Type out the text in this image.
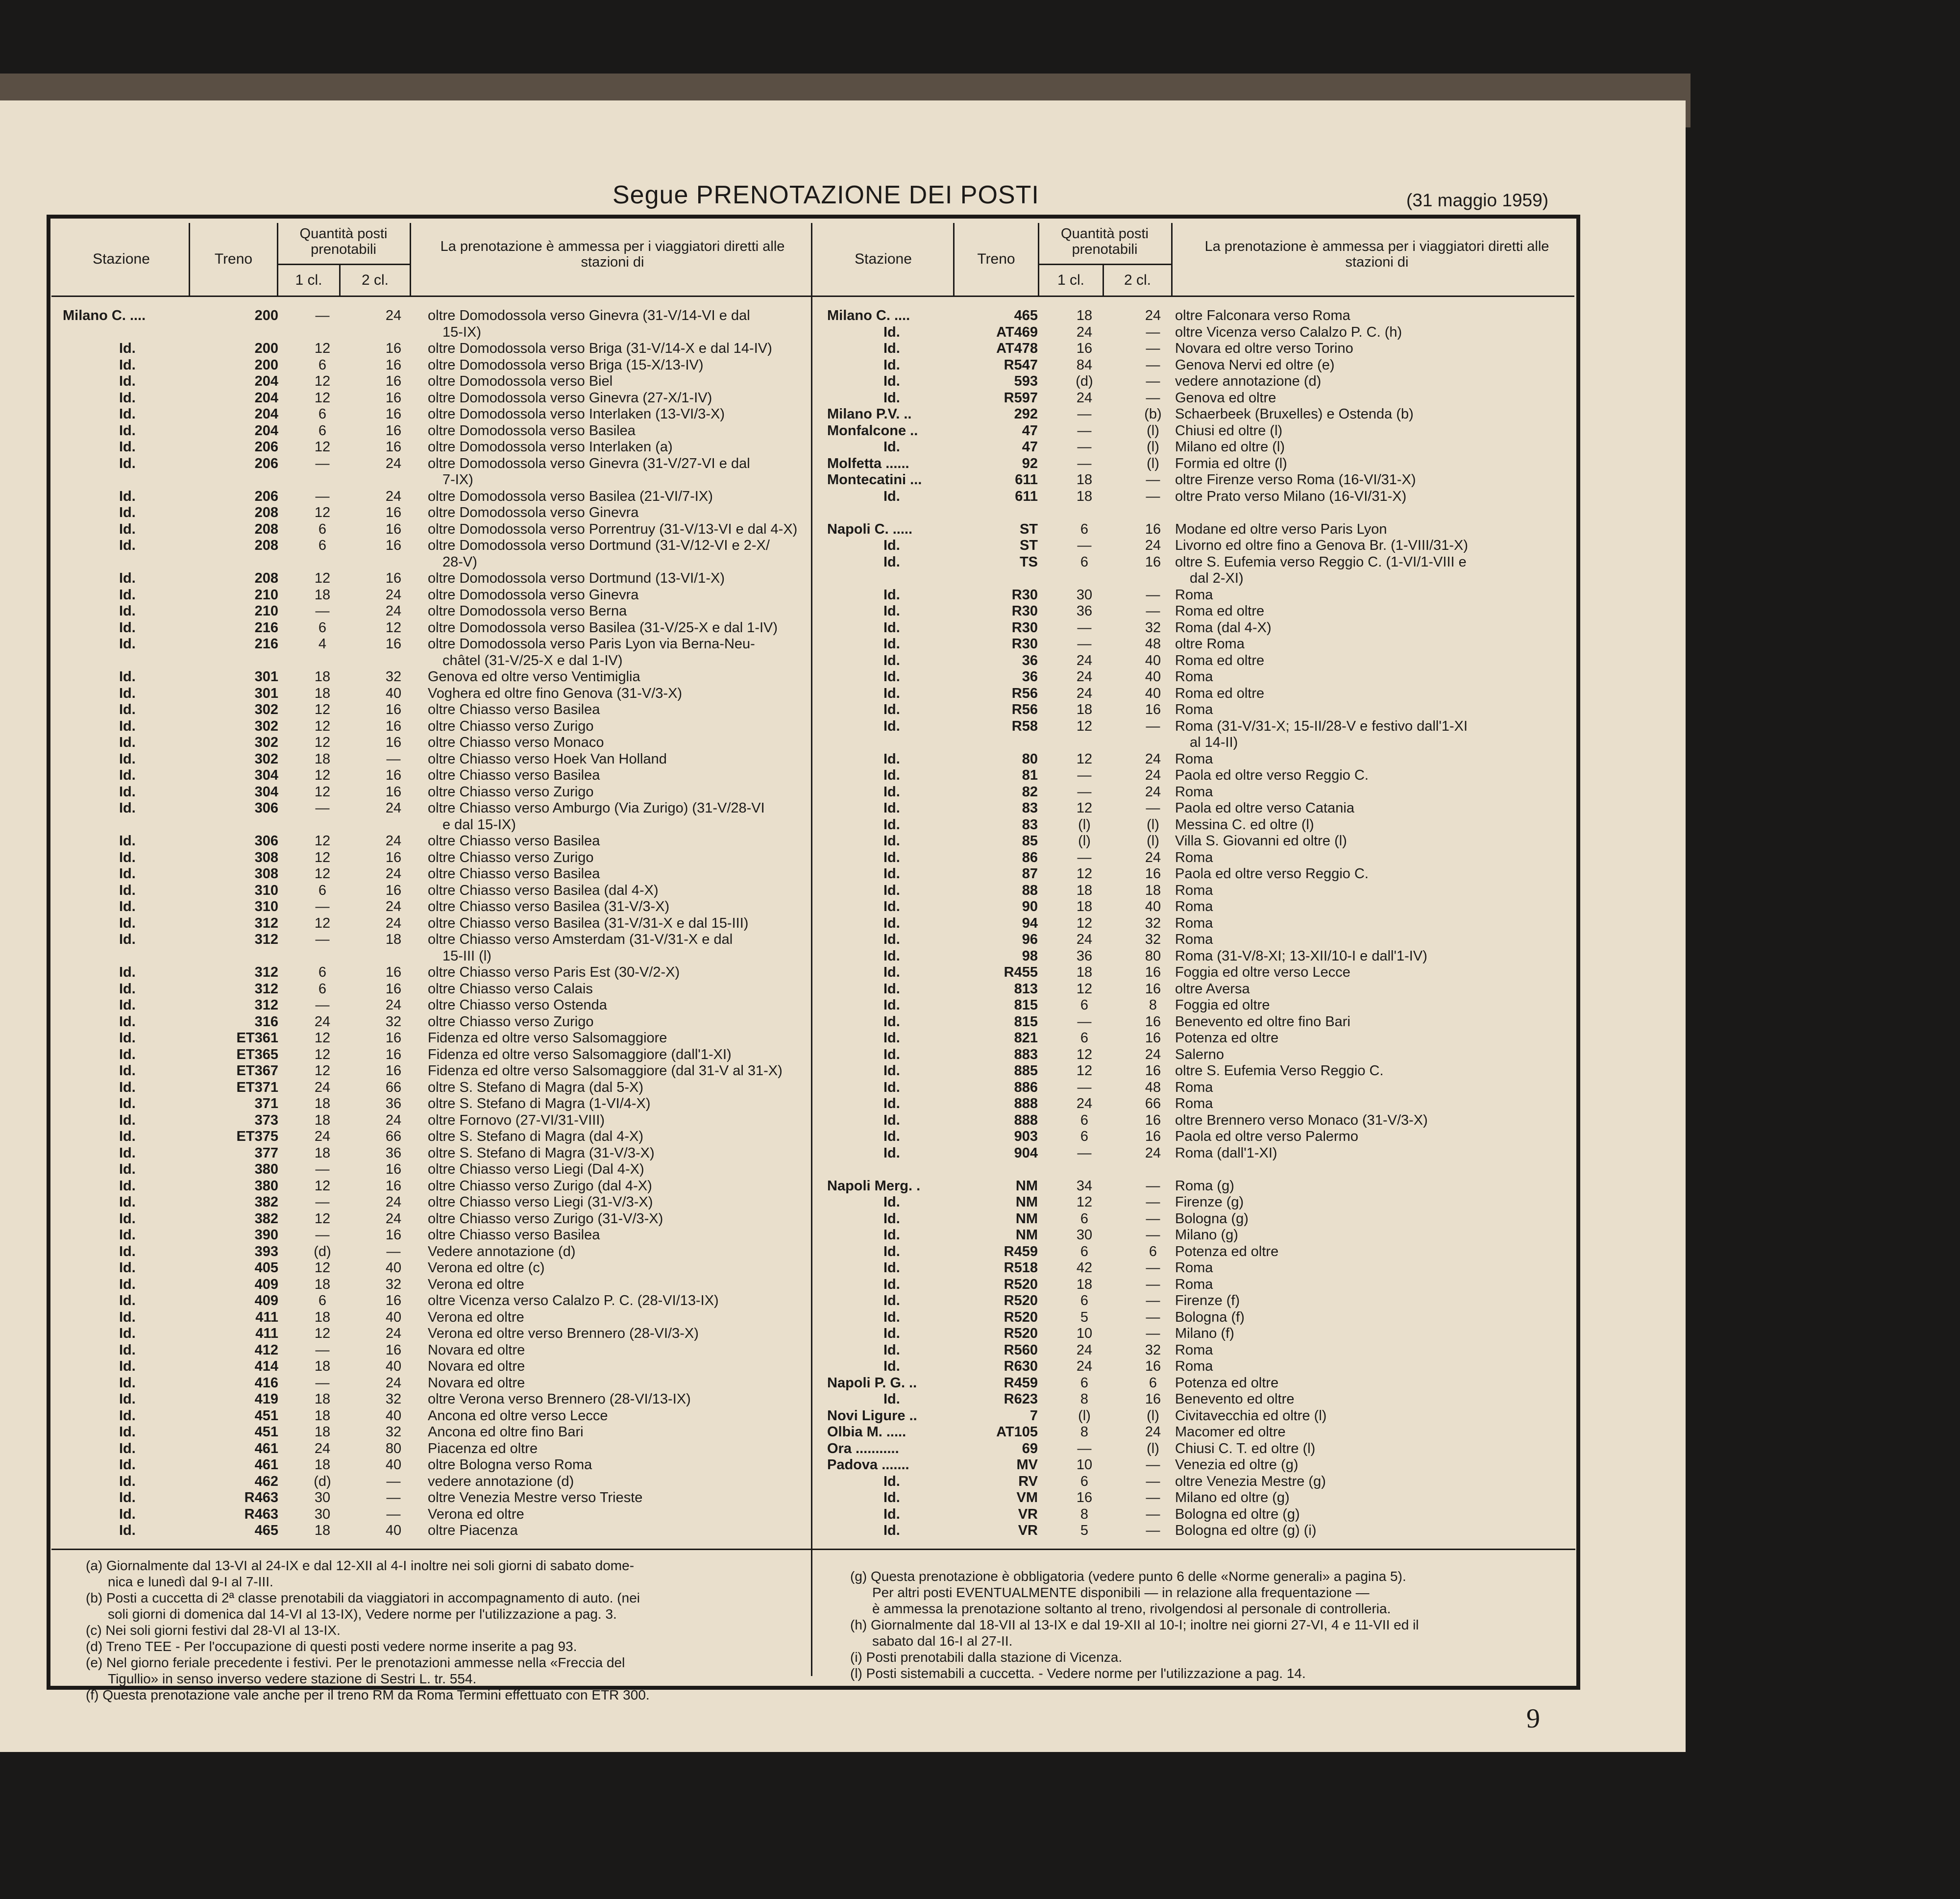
Segue PRENOTAZIONE DEI POSTI	(31 maggio 1959)
Stazione	Treno
Quantità posti prenotabili
1 cl.	2 cl.
La prenotazione è ammessa per i viaggiatori diretti alle stazioni di	Stazione	Treno
Quantità posti prenotabili
1 cl.	2 cl.
La prenotazione è ammessa per i viaggiatori diretti alle stazioni di
Milano C. ....	200	—	24	oltre Domodossola verso Ginevra (31-V/14-VI e dal
15-IX)
Id.	200	12	16	oltre Domodossola verso Briga (31-V/14-X e dal 14-IV)
Id.	200	6	16	oltre Domodossola verso Briga (15-X/13-IV)
Id.	204	12	16	oltre Domodossola verso Biel
Id.	204	12	16	oltre Domodossola verso Ginevra (27-X/1-IV)
Id.	204	6	16	oltre Domodossola verso Interlaken (13-VI/3-X)
Id.	204	6	16	oltre Domodossola verso Basilea
Id.	206	12	16	oltre Domodossola verso Interlaken (a)
Id.	206	—	24	oltre Domodossola verso Ginevra (31-V/27-VI e dal
7-IX)
Id.	206	—	24	oltre Domodossola verso Basilea (21-VI/7-IX)
Id.	208	12	16	oltre Domodossola verso Ginevra
Id.	208	6	16	oltre Domodossola verso Porrentruy (31-V/13-VI e dal 4-X)
Id.	208	6	16	oltre Domodossola verso Dortmund (31-V/12-VI e 2-X/
28-V)
Id.	208	12	16	oltre Domodossola verso Dortmund (13-VI/1-X)
Id.	210	18	24	oltre Domodossola verso Ginevra
Id.	210	—	24	oltre Domodossola verso Berna
Id.	216	6	12	oltre Domodossola verso Basilea (31-V/25-X e dal 1-IV)
Id.	216	4	16	oltre Domodossola verso Paris Lyon via Berna-Neu-
châtel (31-V/25-X e dal 1-IV)
Id.	301	18	32	Genova ed oltre verso Ventimiglia
Id.	301	18	40	Voghera ed oltre fino Genova (31-V/3-X)
Id.	302	12	16	oltre Chiasso verso Basilea
Id.	302	12	16	oltre Chiasso verso Zurigo
Id.	302	12	16	oltre Chiasso verso Monaco
Id.	302	18	—	oltre Chiasso verso Hoek Van Holland
Id.	304	12	16	oltre Chiasso verso Basilea
Id.	304	12	16	oltre Chiasso verso Zurigo
Id.	306	—	24	oltre Chiasso verso Amburgo (Via Zurigo) (31-V/28-VI
e dal 15-IX)
Id.	306	12	24	oltre Chiasso verso Basilea
Id.	308	12	16	oltre Chiasso verso Zurigo
Id.	308	12	24	oltre Chiasso verso Basilea
Id.	310	6	16	oltre Chiasso verso Basilea (dal 4-X)
Id.	310	—	24	oltre Chiasso verso Basilea (31-V/3-X)
Id.	312	12	24	oltre Chiasso verso Basilea (31-V/31-X e dal 15-III)
Id.	312	—	18	oltre Chiasso verso Amsterdam (31-V/31-X e dal
15-III (l)
Id.	312	6	16	oltre Chiasso verso Paris Est (30-V/2-X)
Id.	312	6	16	oltre Chiasso verso Calais
Id.	312	—	24	oltre Chiasso verso Ostenda
Id.	316	24	32	oltre Chiasso verso Zurigo
Id.	ET361	12	16	Fidenza ed oltre verso Salsomaggiore
Id.	ET365	12	16	Fidenza ed oltre verso Salsomaggiore (dall'1-XI)
Id.	ET367	12	16	Fidenza ed oltre verso Salsomaggiore (dal 31-V al 31-X)
Id.	ET371	24	66	oltre S. Stefano di Magra (dal 5-X)
Id.	371	18	36	oltre S. Stefano di Magra (1-VI/4-X)
Id.	373	18	24	oltre Fornovo (27-VI/31-VIII)
Id.	ET375	24	66	oltre S. Stefano di Magra (dal 4-X)
Id.	377	18	36	oltre S. Stefano di Magra (31-V/3-X)
Id.	380	—	16	oltre Chiasso verso Liegi (Dal 4-X)
Id.	380	12	16	oltre Chiasso verso Zurigo (dal 4-X)
Id.	382	—	24	oltre Chiasso verso Liegi (31-V/3-X)
Id.	382	12	24	oltre Chiasso verso Zurigo (31-V/3-X)
Id.	390	—	16	oltre Chiasso verso Basilea
Id.	393	(d)	—	Vedere annotazione (d)
Id.	405	12	40	Verona ed oltre (c)
Id.	409	18	32	Verona ed oltre
Id.	409	6	16	oltre Vicenza verso Calalzo P. C. (28-VI/13-IX)
Id.	411	18	40	Verona ed oltre
Id.	411	12	24	Verona ed oltre verso Brennero (28-VI/3-X)
Id.	412	—	16	Novara ed oltre
Id.	414	18	40	Novara ed oltre
Id.	416	—	24	Novara ed oltre
Id.	419	18	32	oltre Verona verso Brennero (28-VI/13-IX)
Id.	451	18	40	Ancona ed oltre verso Lecce
Id.	451	18	32	Ancona ed oltre fino Bari
Id.	461	24	80	Piacenza ed oltre
Id.	461	18	40	oltre Bologna verso Roma
Id.	462	(d)	—	vedere annotazione (d)
Id.	R463	30	—	oltre Venezia Mestre verso Trieste
Id.	R463	30	—	Verona ed oltre
Id.	465	18	40	oltre Piacenza
Milano C. ....	465	18	24 oltre Falconara verso Roma
Id.	AT469	24	—	oltre Vicenza verso Calalzo P. C. (h)
Id.	AT478	16	—	Novara ed oltre verso Torino
Id.	R547	84	—	Genova Nervi ed oltre (e)
Id.	593	(d)	—	vedere annotazione (d)
Id.	R597	24	—	Genova ed oltre
Milano P.V. ..	292	—	(b) Schaerbeek (Bruxelles) e Ostenda (b)
Monfalcone ..	47	—	(l)	Chiusi ed oltre (l)
Id.	47	—	(l)	Milano ed oltre (l)
Molfetta ......	92	—	(l)	Formia ed oltre (l)
Montecatini ...	611	18	—	oltre Firenze verso Roma (16-VI/31-X)
Id.	611	18	—	oltre Prato verso Milano (16-VI/31-X)
Napoli C. .....	ST	6	16 Modane ed oltre verso Paris Lyon
Id.	ST	—	24 Livorno ed oltre fino a Genova Br. (1-VIII/31-X)
Id.	TS	6	16 oltre S. Eufemia verso Reggio C. (1-VI/1-VIII e
dal 2-XI)
Id.	R30	30	—	Roma
Id.	R30	36	—	Roma ed oltre
Id.	R30	—	32 Roma (dal 4-X)
Id.	R30	—	48 oltre Roma
Id.	36	24	40 Roma ed oltre
Id.	36	24	40 Roma
Id.	R56	24	40 Roma ed oltre
Id.	R56	18	16 Roma
Id.	R58	12	—	Roma (31-V/31-X; 15-II/28-V e festivo dall'1-XI
al 14-II)
Id.	80	12	24 Roma
Id.	81	—	24 Paola ed oltre verso Reggio C.
Id.	82	—	24 Roma
Id.	83	12	—	Paola ed oltre verso Catania
Id.	83	(l)	(l)	Messina C. ed oltre (l)
Id.	85	(l)	(l)	Villa S. Giovanni ed oltre (l)
Id.	86	—	24 Roma
Id.	87	12	16 Paola ed oltre verso Reggio C.
Id.	88	18	18 Roma
Id.	90	18	40 Roma
Id.	94	12	32 Roma
Id.	96	24	32 Roma
Id.	98	36	80 Roma (31-V/8-XI; 13-XII/10-I e dall'1-IV)
Id.	R455	18	16 Foggia ed oltre verso Lecce
Id.	813	12	16 oltre Aversa
Id.	815	6	8	Foggia ed oltre
Id.	815	—	16 Benevento ed oltre fino Bari
Id.	821	6	16 Potenza ed oltre
Id.	883	12	24 Salerno
Id.	885	12	16 oltre S. Eufemia Verso Reggio C.
Id.	886	—	48 Roma
Id.	888	24	66 Roma
Id.	888	6	16 oltre Brennero verso Monaco (31-V/3-X)
Id.	903	6	16 Paola ed oltre verso Palermo
Id.	904	—	24 Roma (dall'1-XI)
Napoli Merg. .	NM	34	—	Roma (g)
Id.	NM	12	—	Firenze (g)
Id.	NM	6	—	Bologna (g)
Id.	NM	30	—	Milano (g)
Id.	R459	6	6	Potenza ed oltre
Id.	R518	42	—	Roma
Id.	R520	18	—	Roma
Id.	R520	6	—	Firenze (f)
Id.	R520	5	—	Bologna (f)
Id.	R520	10	—	Milano (f)
Id.	R560	24	32 Roma
Id.	R630	24	16 Roma
Napoli P. G. ..	R459	6	6	Potenza ed oltre
Id.	R623	8	16 Benevento ed oltre
Novi Ligure ..	7	(l)	(l)	Civitavecchia ed oltre (l)
Olbia M. .....	AT105	8	24 Macomer ed oltre
Ora ...........	69	—	(l)	Chiusi C. T. ed oltre (l)
Padova .......	MV	10	—	Venezia ed oltre (g)
Id.	RV	6	—	oltre Venezia Mestre (g)
Id.	VM	16	—	Milano ed oltre (g)
Id.	VR	8	—	Bologna ed oltre (g)
Id.	VR	5	—	Bologna ed oltre (g) (i)
(a) Giornalmente dal 13-VI al 24-IX e dal 12-XII al 4-I inoltre nei soli giorni di sabato dome-
nica e lunedì dal 9-I al 7-III.
(b) Posti a cuccetta di 2ª classe prenotabili da viaggiatori in accompagnamento di auto. (nei
soli giorni di domenica dal 14-VI al 13-IX), Vedere norme per l'utilizzazione a pag. 3.
(c) Nei soli giorni festivi dal 28-VI al 13-IX.
(d) Treno TEE - Per l'occupazione di questi posti vedere norme inserite a pag 93.
(e) Nel giorno feriale precedente i festivi. Per le prenotazioni ammesse nella «Freccia del
Tigullio» in senso inverso vedere stazione di Sestri L. tr. 554.
(f) Questa prenotazione vale anche per il treno RM da Roma Termini effettuato con ETR 300.
(g) Questa prenotazione è obbligatoria (vedere punto 6 delle «Norme generali» a pagina 5).
Per altri posti EVENTUALMENTE disponibili — in relazione alla frequentazione —
è ammessa la prenotazione soltanto al treno, rivolgendosi al personale di controlleria.
(h) Giornalmente dal 18-VII al 13-IX e dal 19-XII al 10-I; inoltre nei giorni 27-VI, 4 e 11-VII ed il
sabato dal 16-I al 27-II.
(i) Posti prenotabili dalla stazione di Vicenza.
(l) Posti sistemabili a cuccetta. - Vedere norme per l'utilizzazione a pag. 14.
9
